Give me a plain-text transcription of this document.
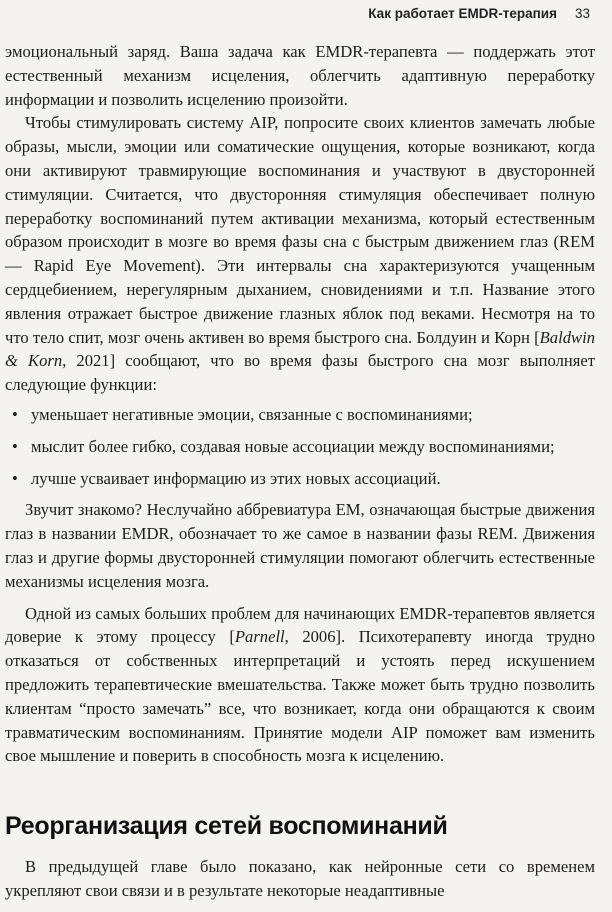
Как работает EMDR-терапия 33

эмоциональный заряд. Ваша задача как EMDR-терапевта — поддержать этот естественный механизм исцеления, облегчить адаптивную переработку информации и позволить исцелению произойти.

Чтобы стимулировать систему AIP, попросите своих клиентов замечать любые образы, мысли, эмоции или соматические ощущения, которые возникают, когда они активируют травмирующие воспоминания и участвуют в двусторонней стимуляции. Считается, что двусторонняя стимуляция обеспечивает полную переработку воспоминаний путем активации механизма, который естественным образом происходит в мозге во время фазы сна с быстрым движением глаз (REM — Rapid Eye Movement). Эти интервалы сна характеризуются учащенным сердцебиением, нерегулярным дыханием, сновидениями и т.п. Название этого явления отражает быстрое движение глазных яблок под веками. Несмотря на то что тело спит, мозг очень активен во время быстрого сна. Болдуин и Корн [Baldwin & Korn, 2021] сообщают, что во время фазы быстрого сна мозг выполняет следующие функции:

• уменьшает негативные эмоции, связанные с воспоминаниями;
• мыслит более гибко, создавая новые ассоциации между воспоминаниями;
• лучше усваивает информацию из этих новых ассоциаций.

Звучит знакомо? Неслучайно аббревиатура EM, означающая быстрые движения глаз в названии EMDR, обозначает то же самое в названии фазы REM. Движения глаз и другие формы двусторонней стимуляции помогают облегчить естественные механизмы исцеления мозга.

Одной из самых больших проблем для начинающих EMDR-терапевтов является доверие к этому процессу [Parnell, 2006]. Психотерапевту иногда трудно отказаться от собственных интерпретаций и устоять перед искушением предложить терапевтические вмешательства. Также может быть трудно позволить клиентам “просто замечать” все, что возникает, когда они обращаются к своим травматическим воспоминаниям. Принятие модели AIP поможет вам изменить свое мышление и поверить в способность мозга к исцелению.

Реорганизация сетей воспоминаний

В предыдущей главе было показано, как нейронные сети со временем укрепляют свои связи и в результате некоторые неадаптивные
